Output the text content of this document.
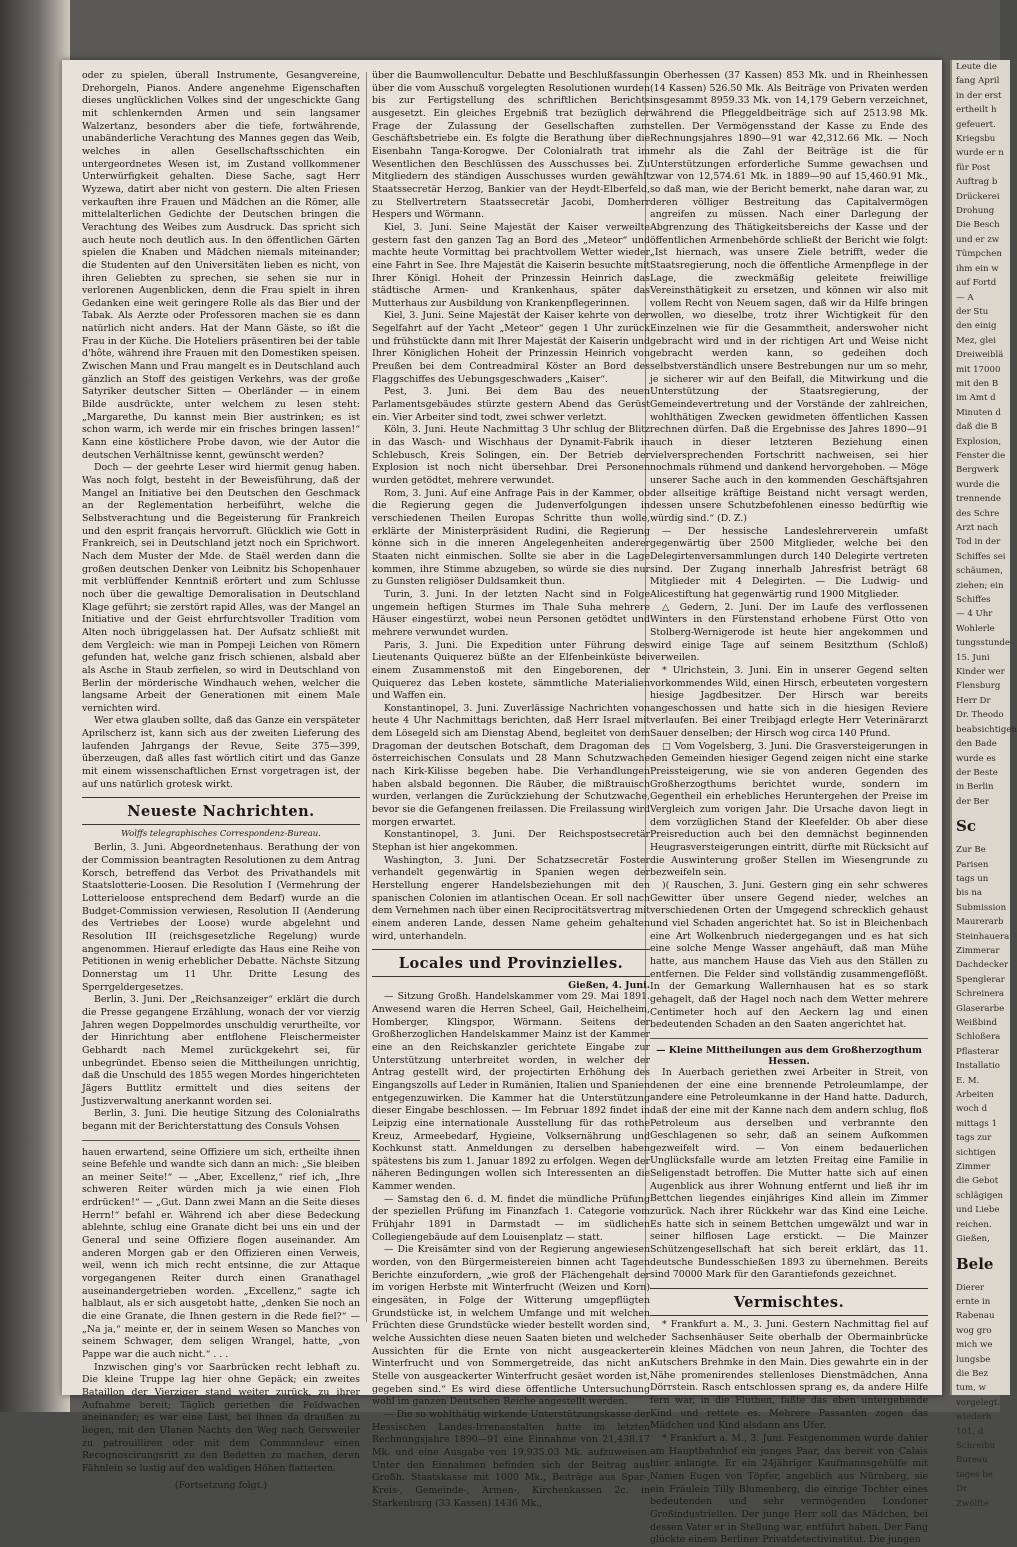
oder zu spielen, überall Instrumente, Gesangvereine, Drehorgeln, Pianos. Andere angenehme Eigenschaften dieses unglücklichen Volkes sind der ungeschickte Gang mit schlenkernden Armen und sein langsamer Walzertanz, besonders aber die tiefe, fortwährende, unabänderliche Verachtung des Mannes gegen das Weib, welches in allen Gesellschaftsschichten ein untergeordnetes Wesen ist, im Zustand vollkommener Unterwürfigkeit gehalten. Diese Sache, sagt Herr Wyzewa, datirt aber nicht von gestern. Die alten Friesen verkauften ihre Frauen und Mädchen an die Römer, alle mittelalterlichen Gedichte der Deutschen bringen die Verachtung des Weibes zum Ausdruck. Das spricht sich auch heute noch deutlich aus. In den öffentlichen Gärten spielen die Knaben und Mädchen niemals miteinander; die Studenten auf den Universitäten lieben es nicht, von ihren Geliebten zu sprechen, sie sehen sie nur in verlorenen Augenblicken, denn die Frau spielt in ihren Gedanken eine weit geringere Rolle als das Bier und der Tabak. Als Aerzte oder Professoren machen sie es dann natürlich nicht anders. Hat der Mann Gäste, so ißt die Frau in der Küche. Die Hoteliers präsentiren bei der table d'hôte, während ihre Frauen mit den Domestiken speisen. Zwischen Mann und Frau mangelt es in Deutschland auch gänzlich an Stoff des geistigen Verkehrs, was der große Satyriker deutscher Sitten — Oberländer — in einem Bilde ausdrückte, unter welchem zu lesen steht: „Margarethe, Du kannst mein Bier austrinken; es ist schon warm, ich werde mir ein frisches bringen lassen!“ Kann eine köstlichere Probe davon, wie der Autor die deutschen Verhältnisse kennt, gewünscht werden?

Doch — der geehrte Leser wird hiermit genug haben. Was noch folgt, besteht in der Beweisführung, daß der Mangel an Initiative bei den Deutschen den Geschmack an der Reglementation herbeiführt, welche die Selbstverachtung und die Begeisterung für Frankreich und den esprit français hervorruft. Glücklich wie Gott in Frankreich, sei in Deutschland jetzt noch ein Sprichwort. Nach dem Muster der Mde. de Staël werden dann die großen deutschen Denker von Leibnitz bis Schopenhauer mit verblüffender Kenntniß erörtert und zum Schlusse noch über die gewaltige Demoralisation in Deutschland Klage geführt; sie zerstört rapid Alles, was der Mangel an Initiative und der Geist ehrfurchtsvoller Tradition vom Alten noch übriggelassen hat. Der Aufsatz schließt mit dem Vergleich: wie man in Pompeji Leichen von Römern gefunden hat, welche ganz frisch schienen, alsbald aber als Asche in Staub zerfielen, so wird in Deutschland von Berlin der mörderische Windhauch wehen, welcher die langsame Arbeit der Generationen mit einem Male vernichten wird.

Wer etwa glauben sollte, daß das Ganze ein verspäteter Aprilscherz ist, kann sich aus der zweiten Lieferung des laufenden Jahrgangs der Revue, Seite 375—399, überzeugen, daß alles fast wörtlich citirt und das Ganze mit einem wissenschaftlichen Ernst vorgetragen ist, der auf uns natürlich grotesk wirkt.

Neueste Nachrichten.
Wolffs telegraphisches Correspondenz-Bureau.

Berlin, 3. Juni. Abgeordnetenhaus. Berathung der von der Commission beantragten Resolutionen zu dem Antrag Korsch, betreffend das Verbot des Privathandels mit Staatslotterie-Loosen. Die Resolution I (Vermehrung der Lotterieloose entsprechend dem Bedarf) wurde an die Budget-Commission verwiesen, Resolution II (Aenderung des Vertriebes der Loose) wurde abgelehnt und Resolution III (reichsgesetzliche Regelung) wurde angenommen. Hierauf erledigte das Haus eine Reihe von Petitionen in wenig erheblicher Debatte. Nächste Sitzung Donnerstag um 11 Uhr. Dritte Lesung des Sperrgeldergesetzes.

Berlin, 3. Juni. Der „Reichsanzeiger“ erklärt die durch die Presse gegangene Erzählung, wonach der vor vierzig Jahren wegen Doppelmordes unschuldig verurtheilte, vor der Hinrichtung aber entflohene Fleischermeister Gebhardt nach Memel zurückgekehrt sei, für unbegründet. Ebenso seien die Mittheilungen unrichtig, daß die Unschuld des 1855 wegen Mordes hingerichteten Jägers Buttlitz ermittelt und dies seitens der Justizverwaltung anerkannt worden sei.

Berlin, 3. Juni. Die heutige Sitzung des Colonialraths begann mit der Berichterstattung des Consuls Vohsen

hauen erwartend, seine Offiziere um sich, ertheilte ihnen seine Befehle und wandte sich dann an mich: „Sie bleiben an meiner Seite!“ — „Aber, Excellenz,“ rief ich, „Ihre schweren Reiter würden mich ja wie einen Floh erdrücken!“ — „Gut. Dann zwei Mann an die Seite dieses Herrn!“ befahl er. Während ich aber diese Bedeckung ablehnte, schlug eine Granate dicht bei uns ein und der General und seine Offiziere flogen auseinander. Am anderen Morgen gab er den Offizieren einen Verweis, weil, wenn ich mich recht entsinne, die zur Attaque vorgegangenen Reiter durch einen Granathagel auseinandergetrieben worden. „Excellenz,“ sagte ich halblaut, als er sich ausgetobt hatte, „denken Sie noch an die eine Granate, die Ihnen gestern in die Rede fiel?“ — „Na ja,“ meinte er, der in seinem Wesen so Manches von seinem Schwager, dem seligen Wrangel, hatte, „von Pappe war die auch nicht.“ . . .

Inzwischen ging's vor Saarbrücken recht lebhaft zu. Die kleine Truppe lag hier ohne Gepäck; ein zweites Bataillon der Vierziger stand weiter zurück, zu ihrer Aufnahme bereit; Täglich geriethen die Feldwachen aneinander; es war eine Lust, bei ihnen da draußen zu liegen, mit den Ulanen Nachts den Weg nach Gersweiler zu patrouilliren oder mit dem Commandeur einen Recognoscirungsritt zu den Bedetten zu machen, deren Fähnlein so lustig auf den waldigen Höhen flatterten.

(Fortsetzung folgt.)

über die Baumwollencultur. Debatte und Beschlußfassung über die vom Ausschuß vorgelegten Resolutionen wurden bis zur Fertigstellung des schriftlichen Berichts ausgesetzt. Ein gleiches Ergebniß trat bezüglich der Frage der Zulassung der Gesellschaften zum Geschäftsbetriebe ein. Es folgte die Berathung über die Eisenbahn Tanga-Korogwe. Der Colonialrath trat im Wesentlichen den Beschlüssen des Ausschusses bei. Zu Mitgliedern des ständigen Ausschusses wurden gewählt Staatssecretär Herzog, Bankier van der Heydt-Elberfeld, zu Stellvertretern Staatssecretär Jacobi, Domherr Hespers und Wörmann.

Kiel, 3. Juni. Seine Majestät der Kaiser verweilte gestern fast den ganzen Tag an Bord des „Meteor“ und machte heute Vormittag bei prachtvollem Wetter wieder eine Fahrt in See. Ihre Majestät die Kaiserin besuchte mit Ihrer Königl. Hoheit der Prinzessin Heinrich das städtische Armen- und Krankenhaus, später das Mutterhaus zur Ausbildung von Krankenpflegerinnen.

Kiel, 3. Juni. Seine Majestät der Kaiser kehrte von der Segelfahrt auf der Yacht „Meteor“ gegen 1 Uhr zurück und frühstückte dann mit Ihrer Majestät der Kaiserin und Ihrer Königlichen Hoheit der Prinzessin Heinrich von Preußen bei dem Contreadmiral Köster an Bord des Flaggschiffes des Uebungsgeschwaders „Kaiser“.

Pest, 3. Juni. Bei dem Bau des neuen Parlamentsgebäudes stürzte gestern Abend das Gerüst ein. Vier Arbeiter sind todt, zwei schwer verletzt.

Köln, 3. Juni. Heute Nachmittag 3 Uhr schlug der Blitz in das Wasch- und Wischhaus der Dynamit-Fabrik in Schlebusch, Kreis Solingen, ein. Der Betrieb der Explosion ist noch nicht übersehbar. Drei Personen wurden getödtet, mehrere verwundet.

Rom, 3. Juni. Auf eine Anfrage Pais in der Kammer, ob die Regierung gegen die Judenverfolgungen in verschiedenen Theilen Europas Schritte thun wolle, erklärte der Ministerpräsident Rudini, die Regierung könne sich in die inneren Angelegenheiten anderer Staaten nicht einmischen. Sollte sie aber in die Lage kommen, ihre Stimme abzugeben, so würde sie dies nur zu Gunsten religiöser Duldsamkeit thun.

Turin, 3. Juni. In der letzten Nacht sind in Folge ungemein heftigen Sturmes im Thale Suha mehrere Häuser eingestürzt, wobei neun Personen getödtet und mehrere verwundet wurden.

Paris, 3. Juni. Die Expedition unter Führung des Lieutenants Quiquerez büßte an der Elfenbeinküste bei einem Zusammenstoß mit den Eingeborenen, der Quiquerez das Leben kostete, sämmtliche Materialien und Waffen ein.

Konstantinopel, 3. Juni. Zuverlässige Nachrichten von heute 4 Uhr Nachmittags berichten, daß Herr Israel mit dem Lösegeld sich am Dienstag Abend, begleitet von dem Dragoman der deutschen Botschaft, dem Dragoman des österreichischen Consulats und 28 Mann Schutzwache nach Kirk-Kilisse begeben habe. Die Verhandlungen haben alsbald begonnen. Die Räuber, die mißtrauisch wurden, verlangen die Zurückziehung der Schutzwache, bevor sie die Gefangenen freilassen. Die Freilassung wird morgen erwartet.

Konstantinopel, 3. Juni. Der Reichspostsecretär Stephan ist hier angekommen.

Washington, 3. Juni. Der Schatzsecretär Foster verhandelt gegenwärtig in Spanien wegen der Herstellung engerer Handelsbeziehungen mit den spanischen Colonien im atlantischen Ocean. Er soll nach dem Vernehmen nach über einen Reciprocitätsvertrag mit einem anderen Lande, dessen Name geheim gehalten wird, unterhandeln.

Locales und Provinzielles.
Gießen, 4. Juni.

— Sitzung Großh. Handelskammer vom 29. Mai 1891. Anwesend waren die Herren Scheel, Gail, Heichelheim, Homberger, Klingspor, Wörmann. Seitens der Großherzoglichen Handelskammer Mainz ist der Kammer eine an den Reichskanzler gerichtete Eingabe zur Unterstützung unterbreitet worden, in welcher der Antrag gestellt wird, der projectirten Erhöhung des Eingangszolls auf Leder in Rumänien, Italien und Spanien entgegenzuwirken. Die Kammer hat die Unterstützung dieser Eingabe beschlossen. — Im Februar 1892 findet in Leipzig eine internationale Ausstellung für das rothe Kreuz, Armeebedarf, Hygieine, Volksernährung und Kochkunst statt. Anmeldungen zu derselben haben spätestens bis zum 1. Januar 1892 zu erfolgen. Wegen der näheren Bedingungen wollen sich Interessenten an die Kammer wenden.

— Samstag den 6. d. M. findet die mündliche Prüfung der speziellen Prüfung im Finanzfach 1. Categorie vom Frühjahr 1891 in Darmstadt — im südlichen Collegiengebäude auf dem Louisenplatz — statt.

— Die Kreisämter sind von der Regierung angewiesen worden, von den Bürgermeistereien binnen acht Tagen Berichte einzufordern, „wie groß der Flächengehalt der im vorigen Herbste mit Winterfrucht (Weizen und Korn) eingesäten, in Folge der Witterung umgepflügten Grundstücke ist, in welchem Umfange und mit welchen Früchten diese Grundstücke wieder bestellt worden sind, welche Aussichten diese neuen Saaten bieten und welche Aussichten für die Ernte von nicht ausgeackerter Winterfrucht und von Sommergetreide, das nicht an Stelle von ausgeackerter Winterfrucht gesäet worden ist, gegeben sind.“ Es wird diese öffentliche Untersuchung wohl im ganzen Deutschen Reiche angestellt werden.

— Die so wohlthätig wirkende Unterstützungskasse der Hessischen Landes-Irrenanstalten hatte im letzten Rechnungsjahre 1890—91 eine Einnahme von 21,438.17 Mk. und eine Ausgabe von 19,935.03 Mk. aufzuweisen. Unter den Einnahmen befinden sich der Beitrag aus Großh. Staatskasse mit 1000 Mk., Beiträge aus Spar-, Kreis-, Gemeinde-, Armen-, Kirchenkassen 2c. in Starkenburg (33 Kassen) 1436 Mk.,

in Oberhessen (37 Kassen) 853 Mk. und in Rheinhessen (14 Kassen) 526.50 Mk. Als Beiträge von Privaten werden insgesammt 8959.33 Mk. von 14,179 Gebern verzeichnet, während die Pfleggeldbeiträge sich auf 2513.98 Mk. stellen. Der Vermögensstand der Kasse zu Ende des Rechnungsjahres 1890—91 war 42,312.66 Mk. — Noch mehr als die Zahl der Beiträge ist die für Unterstützungen erforderliche Summe gewachsen und zwar von 12,574.61 Mk. in 1889—90 auf 15,460.91 Mk., so daß man, wie der Bericht bemerkt, nahe daran war, zu deren völliger Bestreitung das Capitalvermögen angreifen zu müssen. Nach einer Darlegung der Abgrenzung des Thätigkeitsbereichs der Kasse und der öffentlichen Armenbehörde schließt der Bericht wie folgt: „Ist hiernach, was unsere Ziele betrifft, weder die Staatsregierung, noch die öffentliche Armenpflege in der Lage, die zweckmäßig geleitete freiwillige Vereinsthätigkeit zu ersetzen, und können wir also mit vollem Recht von Neuem sagen, daß wir da Hilfe bringen wollen, wo dieselbe, trotz ihrer Wichtigkeit für den Einzelnen wie für die Gesammtheit, anderswoher nicht gebracht wird und in der richtigen Art und Weise nicht gebracht werden kann, so gedeihen doch selbstverständlich unsere Bestrebungen nur um so mehr, je sicherer wir auf den Beifall, die Mitwirkung und die Unterstützung der Staatsregierung, der Gemeindevertretung und der Vorstände der zahlreichen, wohlthätigen Zwecken gewidmeten öffentlichen Kassen rechnen dürfen. Daß die Ergebnisse des Jahres 1890—91 auch in dieser letzteren Beziehung einen vielversprechenden Fortschritt nachweisen, sei hier nochmals rühmend und dankend hervorgehoben. — Möge unserer Sache auch in den kommenden Geschäftsjahren der allseitige kräftige Beistand nicht versagt werden, dessen unsere Schutzbefohlenen einesso bedürftig wie würdig sind.“ (D. Z.)

— Der hessische Landeslehrerverein umfaßt gegenwärtig über 2500 Mitglieder, welche bei den Delegirtenversammlungen durch 140 Delegirte vertreten sind. Der Zugang innerhalb Jahresfrist beträgt 68 Mitglieder mit 4 Delegirten. — Die Ludwig- und Alicestiftung hat gegenwärtig rund 1900 Mitglieder.

△ Gedern, 2. Juni. Der im Laufe des verflossenen Winters in den Fürstenstand erhobene Fürst Otto von Stolberg-Wernigerode ist heute hier angekommen und wird einige Tage auf seinem Besitzthum (Schloß) verweilen.

* Ulrichstein, 3. Juni. Ein in unserer Gegend selten vorkommendes Wild, einen Hirsch, erbeuteten vorgestern hiesige Jagdbesitzer. Der Hirsch war bereits angeschossen und hatte sich in die hiesigen Reviere verlaufen. Bei einer Treibjagd erlegte Herr Veterinärarzt Sauer denselben; der Hirsch wog circa 140 Pfund.

□ Vom Vogelsberg, 3. Juni. Die Grasversteigerungen in den Gemeinden hiesiger Gegend zeigen nicht eine starke Preissteigerung, wie sie von anderen Gegenden des Großherzogthums berichtet wurde, sondern im Gegentheil ein erhebliches Heruntergehen der Preise im Vergleich zum vorigen Jahr. Die Ursache davon liegt in dem vorzüglichen Stand der Kleefelder. Ob aber diese Preisreduction auch bei den demnächst beginnenden Heugrasversteigerungen eintritt, dürfte mit Rücksicht auf die Auswinterung großer Stellen im Wiesengrunde zu bezweifeln sein.

)( Rauschen, 3. Juni. Gestern ging ein sehr schweres Gewitter über unsere Gegend nieder, welches an verschiedenen Orten der Umgegend schrecklich gehaust und viel Schaden angerichtet hat. So ist in Bleichenbach eine Art Wolkenbruch niedergegangen und es hat sich eine solche Menge Wasser angehäuft, daß man Mühe hatte, aus manchem Hause das Vieh aus den Ställen zu entfernen. Die Felder sind vollständig zusammengeflößt. In der Gemarkung Wallernhausen hat es so stark gehagelt, daß der Hagel noch nach dem Wetter mehrere Centimeter hoch auf den Aeckern lag und einen bedeutenden Schaden an den Saaten angerichtet hat.

— Kleine Mittheilungen aus dem Großherzogthum Hessen.

In Auerbach geriethen zwei Arbeiter in Streit, von denen der eine eine brennende Petroleumlampe, der andere eine Petroleumkanne in der Hand hatte. Dadurch, daß der eine mit der Kanne nach dem andern schlug, floß Petroleum aus derselben und verbrannte den Geschlagenen so sehr, daß an seinem Aufkommen gezweifelt wird. — Von einem bedauerlichen Unglücksfalle wurde am letzten Freitag eine Familie in Seligenstadt betroffen. Die Mutter hatte sich auf einen Augenblick aus ihrer Wohnung entfernt und ließ ihr im Bettchen liegendes einjähriges Kind allein im Zimmer zurück. Nach ihrer Rückkehr war das Kind eine Leiche. Es hatte sich in seinem Bettchen umgewälzt und war in seiner hilflosen Lage erstickt. — Die Mainzer Schützengesellschaft hat sich bereit erklärt, das 11. deutsche Bundesschießen 1893 zu übernehmen. Bereits sind 70000 Mark für den Garantiefonds gezeichnet.

Vermischtes.

* Frankfurt a. M., 3. Juni. Gestern Nachmittag fiel auf der Sachsenhäuser Seite oberhalb der Obermainbrücke ein kleines Mädchen von neun Jahren, die Tochter des Kutschers Brehmke in den Main. Dies gewahrte ein in der Nähe promenirendes stellenloses Dienstmädchen, Anna Dörrstein. Rasch entschlossen sprang es, da andere Hilfe fern war, in die Fluthen, faßte das eben untergehende Kind und rettete es. Mehrere Passanten zogen das Mädchen und Kind alsdann ans Ufer.

* Frankfurt a. M., 3. Juni. Festgenommen wurde dahier am Hauptbahnhof ein junges Paar, das bereit von Calais hier anlangte. Er ein 24jähriger Kaufmannsgehülfe mit Namen Eugen von Töpfer, angeblich aus Nürnberg, sie ein Fräulein Tilly Blumenberg, die einzige Tochter eines bedeutenden und sehr vermögenden Londoner Großindustriellen. Der junge Herr soll das Mädchen, bei dessen Vater er in Stellung war, entführt haben. Der Fang glückte einem Berliner Privatdetectivinstitut. Die jungen

Leute die
fang April
in der erst
ertheilt h
gefeuert.
Kriegsbu
wurde er n
für Post
Auftrag b
Drückerei
Drohung
Die Besch
und er zw
Tümpchen
ihm ein w
auf Fortd
— A
der Stu
den einig
Mez, glei
Dreiweiblä
mit 17000
mit den B
im Amt d
Minuten d
daß die B
Explosion,
Fenster die
Bergwerk
wurde die
trennende
des Schre
Arzt nach
Tod in der
Schiffes sei
schäumen,
ziehen; ein
Schiffes
— 4 Uhr
Wohlerle
tungsstunde
15. Juni
Kinder wer
Flensburg
Herr Dr
Dr. Theodo
beabsichtigen
den Bade
wurde es
der Beste
in Berlin
der Ber
Sc
Zur Be
Parisen
tags un
bis na
Submission
Maurerarb
Steinhauera
Zimmerar
Dachdecker
Spenglerar
Schreinera
Glaserarbe
Weißbind
Schloßera
Pflasterar
Installatio
E. M.
Arbeiten
woch d
mittags 1
tags zur
sichtigen
Zimmer
die Gebot
schlägigen
und Liebe
reichen.
Gießen,
Bele
Dierer
ernte in
Rabenau
wog gro
mich we
lungsbe
die Bez
tum, w
vorgelegt.
wiederh
101, d
Schreibu
Bureau
tages be
Dr
Zwölfte
